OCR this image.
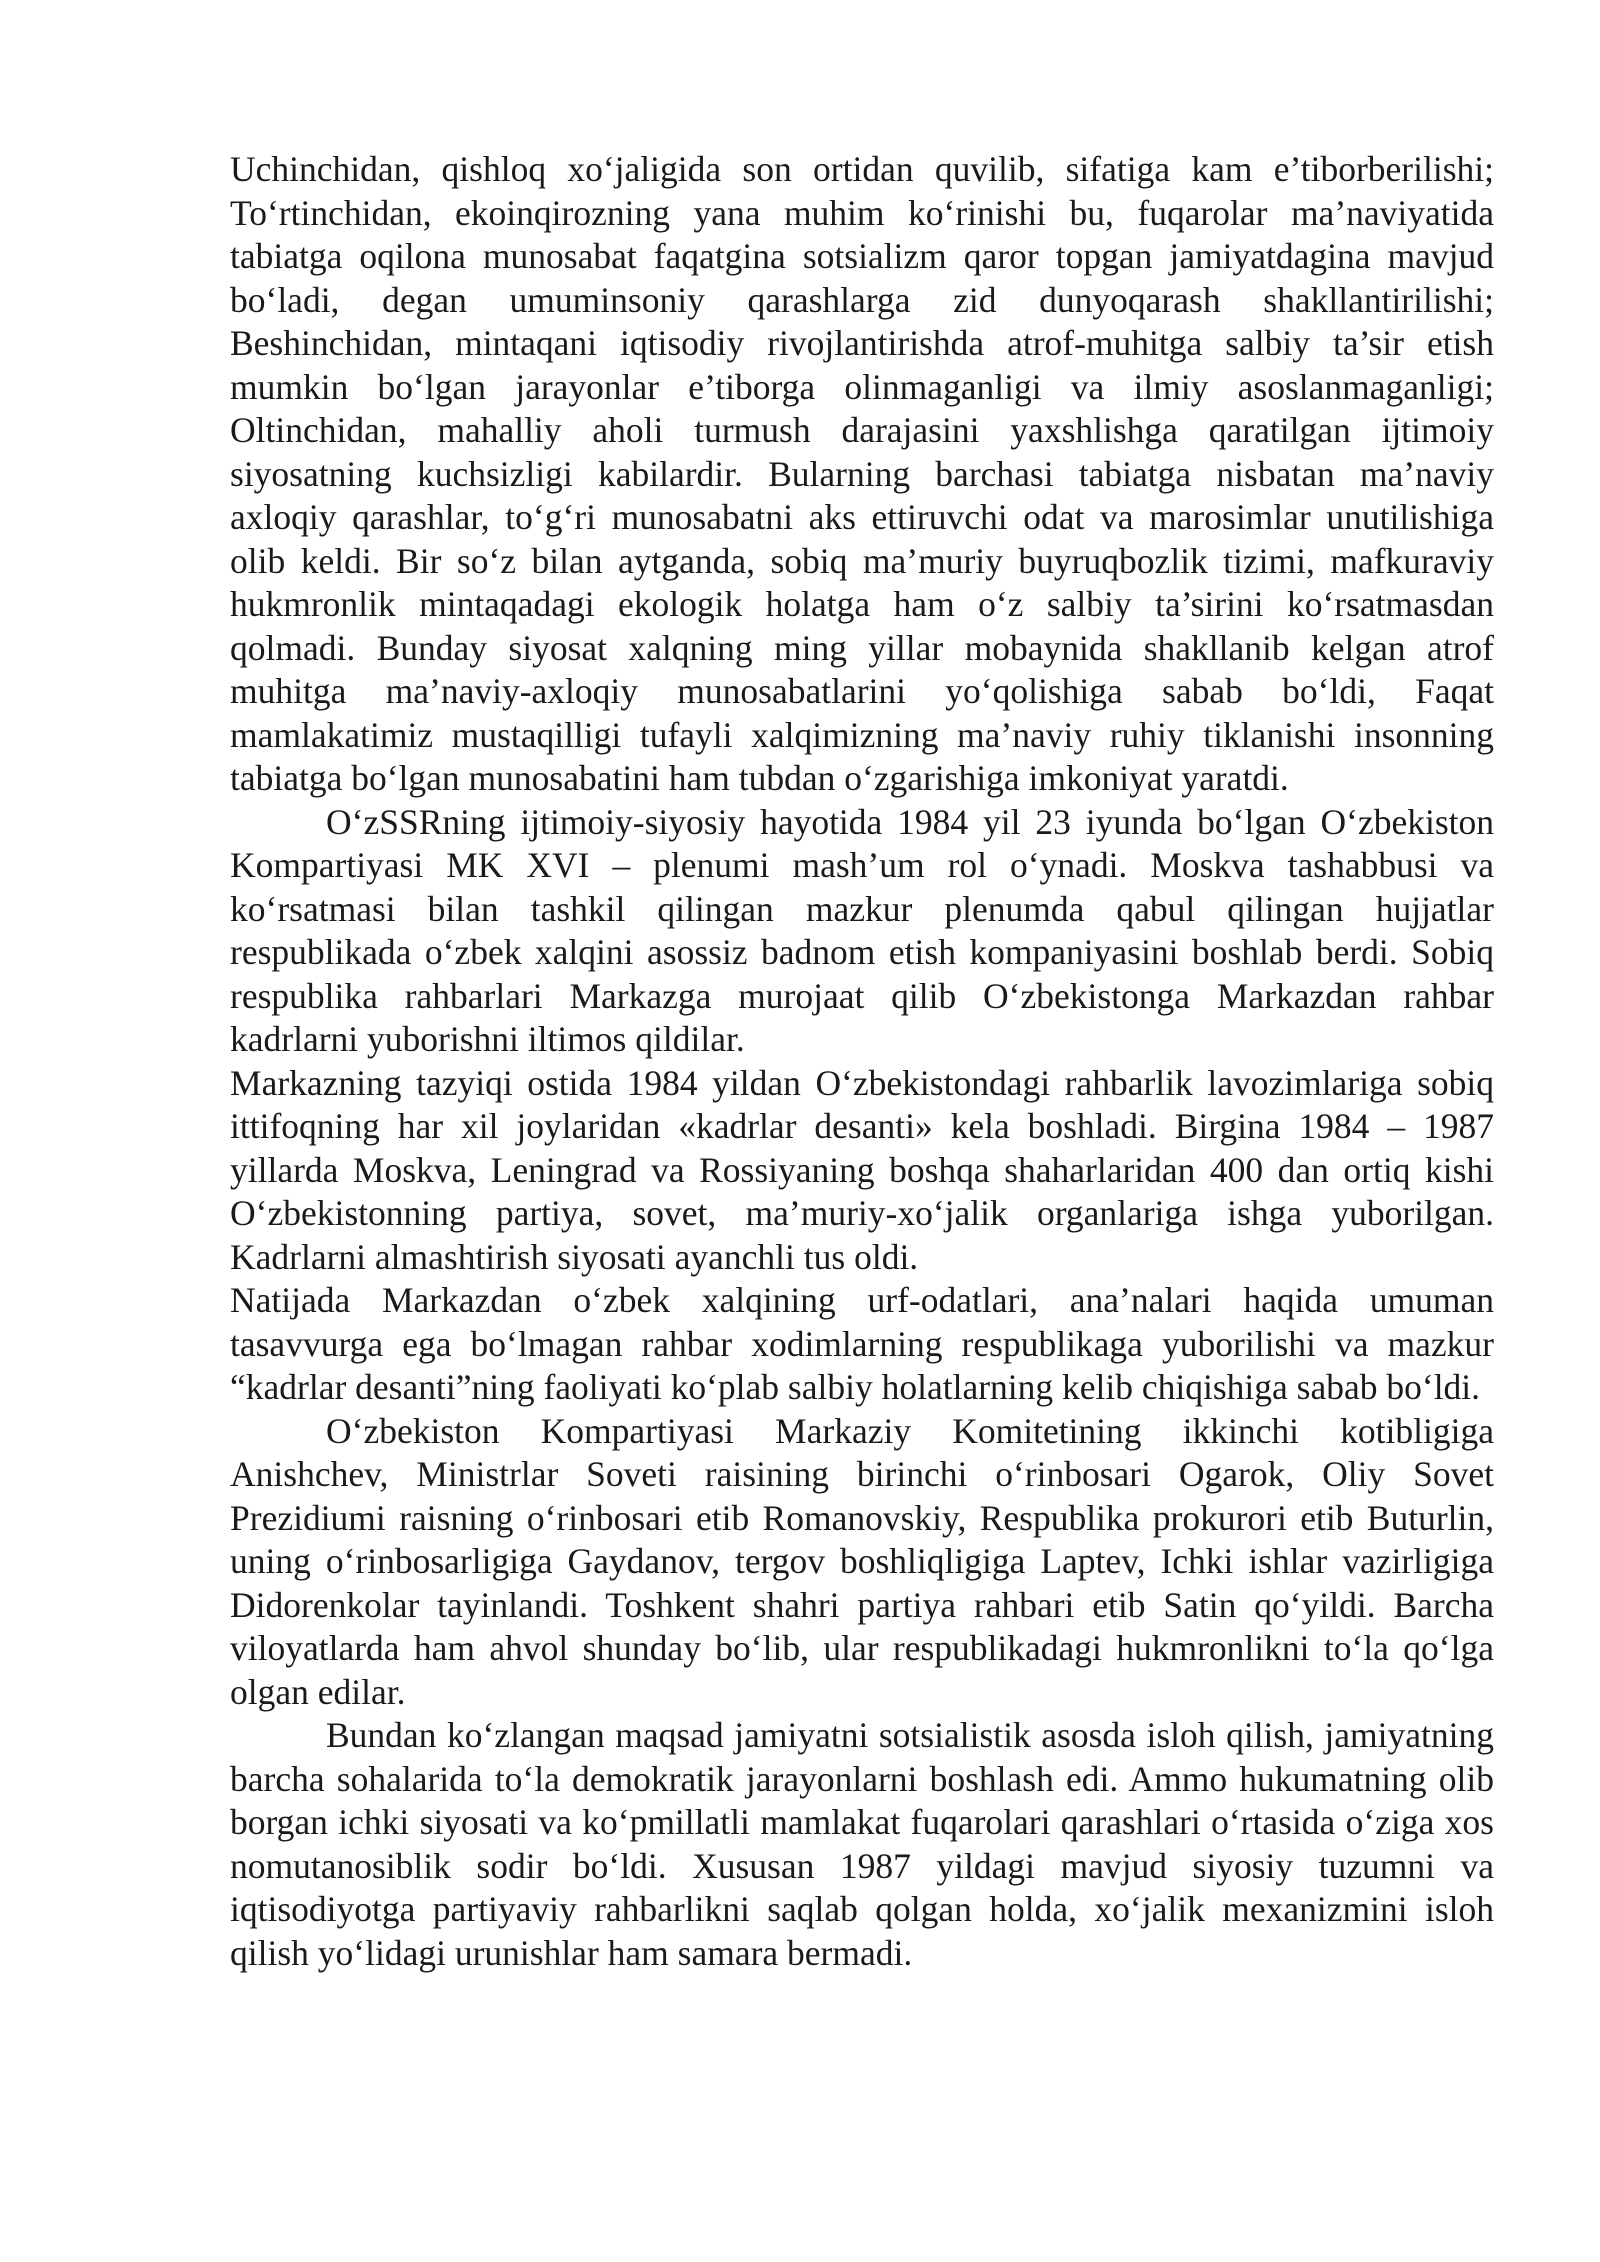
Uchinchidan, qishloq xo‘jaligida son ortidan quvilib, sifatiga kam e’tiborberilishi; To‘rtinchidan, ekoinqirozning yana muhim ko‘rinishi bu, fuqarolar ma’naviyatida tabiatga oqilona munosabat faqatgina sotsializm qaror topgan jamiyatdagina mavjud bo‘ladi, degan umuminsoniy qarashlarga zid dunyoqarash shakllantirilishi; Beshinchidan, mintaqani iqtisodiy rivojlantirishda atrof-muhitga salbiy ta’sir etish mumkin bo‘lgan jarayonlar e’tiborga olinmaganligi va ilmiy asoslanmaganligi; Oltinchidan, mahalliy aholi turmush darajasini yaxshlishga qaratilgan ijtimoiy siyosatning kuchsizligi kabilardir. Bularning barchasi tabiatga nisbatan ma’naviy axloqiy qarashlar, to‘g‘ri munosabatni aks ettiruvchi odat va marosimlar unutilishiga olib keldi. Bir so‘z bilan aytganda, sobiq ma’muriy buyruqbozlik tizimi, mafkuraviy hukmronlik mintaqadagi ekologik holatga ham o‘z salbiy ta’sirini ko‘rsatmasdan qolmadi. Bunday siyosat xalqning ming yillar mobaynida shakllanib kelgan atrof muhitga ma’naviy-axloqiy munosabatlarini yo‘qolishiga sabab bo‘ldi, Faqat mamlakatimiz mustaqilligi tufayli xalqimizning ma’naviy ruhiy tiklanishi insonning tabiatga bo‘lgan munosabatini ham tubdan o‘zgarishiga imkoniyat yaratdi.

O‘zSSRning ijtimoiy-siyosiy hayotida 1984 yil 23 iyunda bo‘lgan O‘zbekiston Kompartiyasi MK XVI – plenumi mash’um rol o‘ynadi. Moskva tashabbusi va ko‘rsatmasi bilan tashkil qilingan mazkur plenumda qabul qilingan hujjatlar respublikada o‘zbek xalqini asossiz badnom etish kompaniyasini boshlab berdi. Sobiq respublika rahbarlari Markazga murojaat qilib O‘zbekistonga Markazdan rahbar kadrlarni yuborishni iltimos qildilar.

Markazning tazyiqi ostida 1984 yildan O‘zbekistondagi rahbarlik lavozimlariga sobiq ittifoqning har xil joylaridan «kadrlar desanti» kela boshladi. Birgina 1984 – 1987 yillarda Moskva, Leningrad va Rossiyaning boshqa shaharlaridan 400 dan ortiq kishi O‘zbekistonning partiya, sovet, ma’muriy-xo‘jalik organlariga ishga yuborilgan. Kadrlarni almashtirish siyosati ayanchli tus oldi.

Natijada Markazdan o‘zbek xalqining urf-odatlari, ana’nalari haqida umuman tasavvurga ega bo‘lmagan rahbar xodimlarning respublikaga yuborilishi va mazkur “kadrlar desanti”ning faoliyati ko‘plab salbiy holatlarning kelib chiqishiga sabab bo‘ldi.

O‘zbekiston Kompartiyasi Markaziy Komitetining ikkinchi kotibligiga Anishchev, Ministrlar Soveti raisining birinchi o‘rinbosari Ogarok, Oliy Sovet Prezidiumi raisning o‘rinbosari etib Romanovskiy, Respublika prokurori etib Buturlin, uning o‘rinbosarligiga Gaydanov, tergov boshliqligiga Laptev, Ichki ishlar vazirligiga Didorenkolar tayinlandi. Toshkent shahri partiya rahbari etib Satin qo‘yildi. Barcha viloyatlarda ham ahvol shunday bo‘lib, ular respublikadagi hukmronlikni to‘la qo‘lga olgan edilar.

Bundan ko‘zlangan maqsad jamiyatni sotsialistik asosda isloh qilish, jamiyatning barcha sohalarida to‘la demokratik jarayonlarni boshlash edi. Ammo hukumatning olib borgan ichki siyosati va ko‘pmillatli mamlakat fuqarolari qarashlari o‘rtasida o‘ziga xos nomutanosiblik sodir bo‘ldi. Xususan 1987 yildagi mavjud siyosiy tuzumni va iqtisodiyotga partiyaviy rahbarlikni saqlab qolgan holda, xo‘jalik mexanizmini isloh qilish yo‘lidagi urunishlar ham samara bermadi.
